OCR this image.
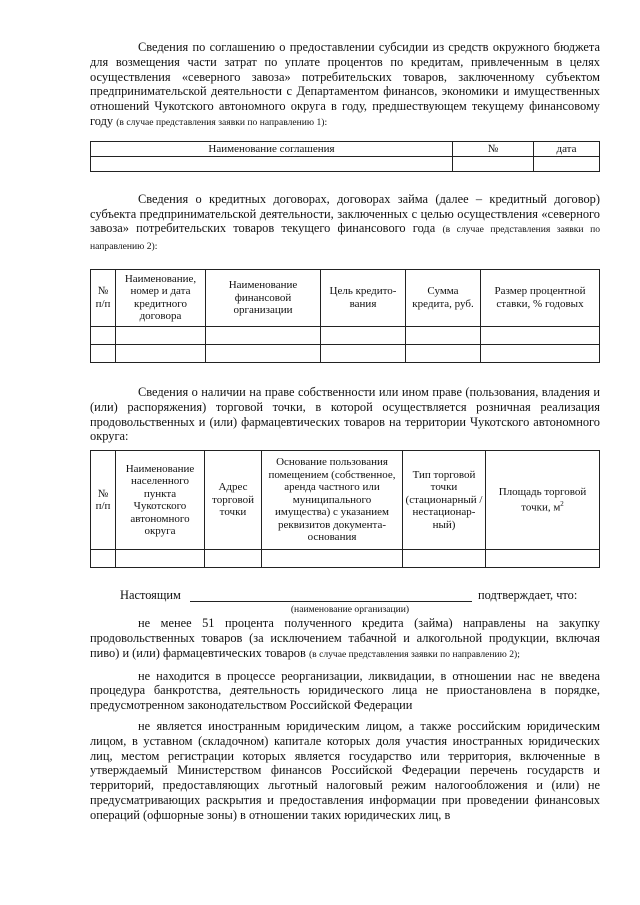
Сведения по соглашению о предоставлении субсидии из средств окружного бюджета для возмещения части затрат по уплате процентов по кредитам, привлеченным в целях осуществления «северного завоза» потребительских товаров, заключенному субъектом предпринимательской деятельности с Департаментом финансов, экономики и имущественных отношений Чукотского автономного округа в году, предшествующем текущему финансовому году (в случае представления заявки по направлению 1):

Наименование соглашения	№	дата

Сведения о кредитных договорах, договорах займа (далее – кредитный договор) субъекта предпринимательской деятельности, заключенных с целью осуществления «северного завоза» потребительских товаров текущего финансового года (в случае представления заявки по направлению 2):

№ п/п	Наименование, номер и дата кредитного договора	Наименование финансовой организации	Цель кредито-вания	Сумма кредита, руб.	Размер процентной ставки, % годовых

Сведения о наличии на праве собственности или ином праве (пользования, владения и (или) распоряжения) торговой точки, в которой осуществляется розничная реализация продовольственных и (или) фармацевтических товаров на территории Чукотского автономного округа:

№ п/п	Наименование населенного пункта Чукотского автономного округа	Адрес торговой точки	Основание пользования помещением (собственное, аренда частного или муниципального имущества) с указанием реквизитов документа-основания	Тип торговой точки (стационарный / нестационар-ный)	Площадь торговой точки, $м^2$

Настоящим	подтверждает, что:

(наименование организации)

не менее 51 процента полученного кредита (займа) направлены на закупку продовольственных товаров (за исключением табачной и алкогольной продукции, включая пиво) и (или) фармацевтических товаров (в случае представления заявки по направлению 2);

не находится в процессе реорганизации, ликвидации, в отношении нас не введена процедура банкротства, деятельность юридического лица не приостановлена в порядке, предусмотренном законодательством Российской Федерации

не является иностранным юридическим лицом, а также российским юридическим лицом, в уставном (складочном) капитале которых доля участия иностранных юридических лиц, местом регистрации которых является государство или территория, включенные в утверждаемый Министерством финансов Российской Федерации перечень государств и территорий, предоставляющих льготный налоговый режим налогообложения и (или) не предусматривающих раскрытия и предоставления информации при проведении финансовых операций (офшорные зоны) в отношении таких юридических лиц, в
